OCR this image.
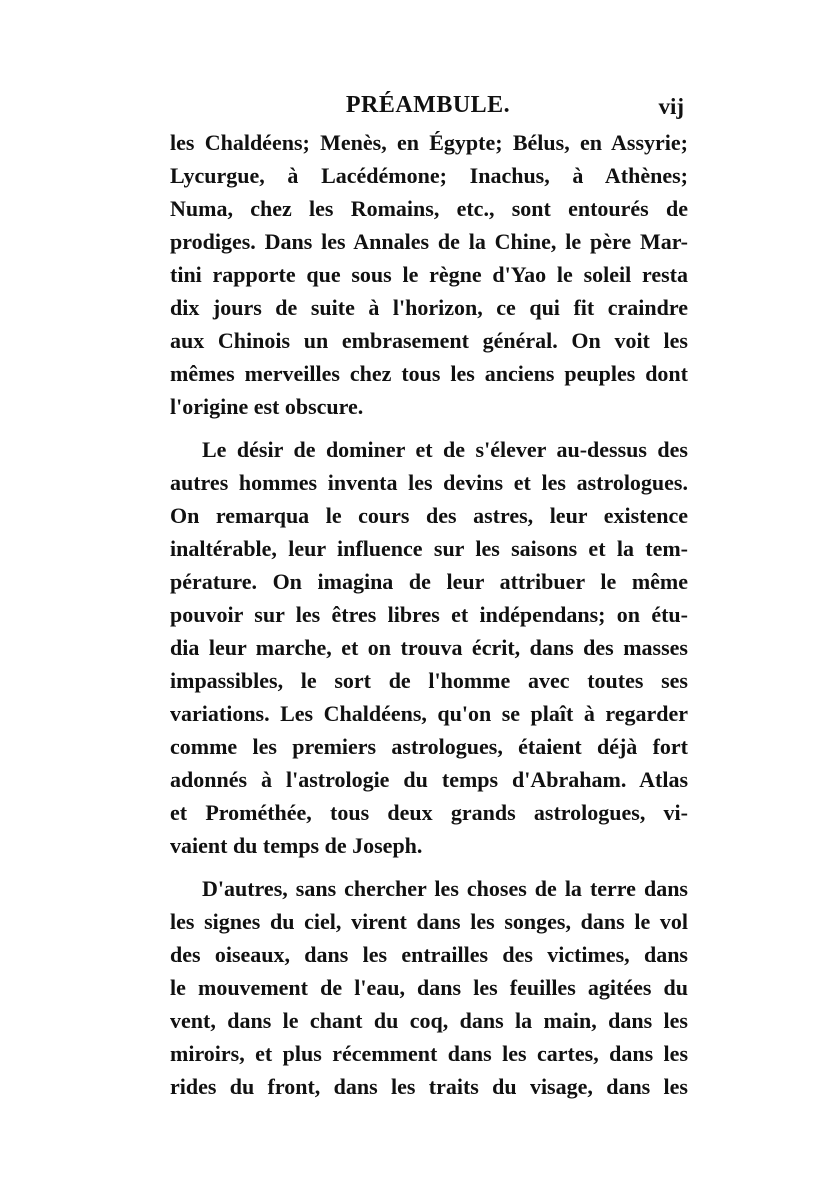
PRÉAMBULE.	vij
les Chaldéens; Menès, en Égypte; Bélus, en Assyrie;
Lycurgue, à Lacédémone; Inachus, à Athènes;
Numa, chez les Romains, etc., sont entourés de
prodiges. Dans les Annales de la Chine, le père Mar-
tini rapporte que sous le règne d'Yao le soleil resta
dix jours de suite à l'horizon, ce qui fit craindre
aux Chinois un embrasement général. On voit les
mêmes merveilles chez tous les anciens peuples dont
l'origine est obscure.
Le désir de dominer et de s'élever au-dessus des
autres hommes inventa les devins et les astrologues.
On remarqua le cours des astres, leur existence
inaltérable, leur influence sur les saisons et la tem-
pérature. On imagina de leur attribuer le même
pouvoir sur les êtres libres et indépendans; on étu-
dia leur marche, et on trouva écrit, dans des masses
impassibles, le sort de l'homme avec toutes ses
variations. Les Chaldéens, qu'on se plaît à regarder
comme les premiers astrologues, étaient déjà fort
adonnés à l'astrologie du temps d'Abraham. Atlas
et Prométhée, tous deux grands astrologues, vi-
vaient du temps de Joseph.
D'autres, sans chercher les choses de la terre dans
les signes du ciel, virent dans les songes, dans le vol
des oiseaux, dans les entrailles des victimes, dans
le mouvement de l'eau, dans les feuilles agitées du
vent, dans le chant du coq, dans la main, dans les
miroirs, et plus récemment dans les cartes, dans les
rides du front, dans les traits du visage, dans les
